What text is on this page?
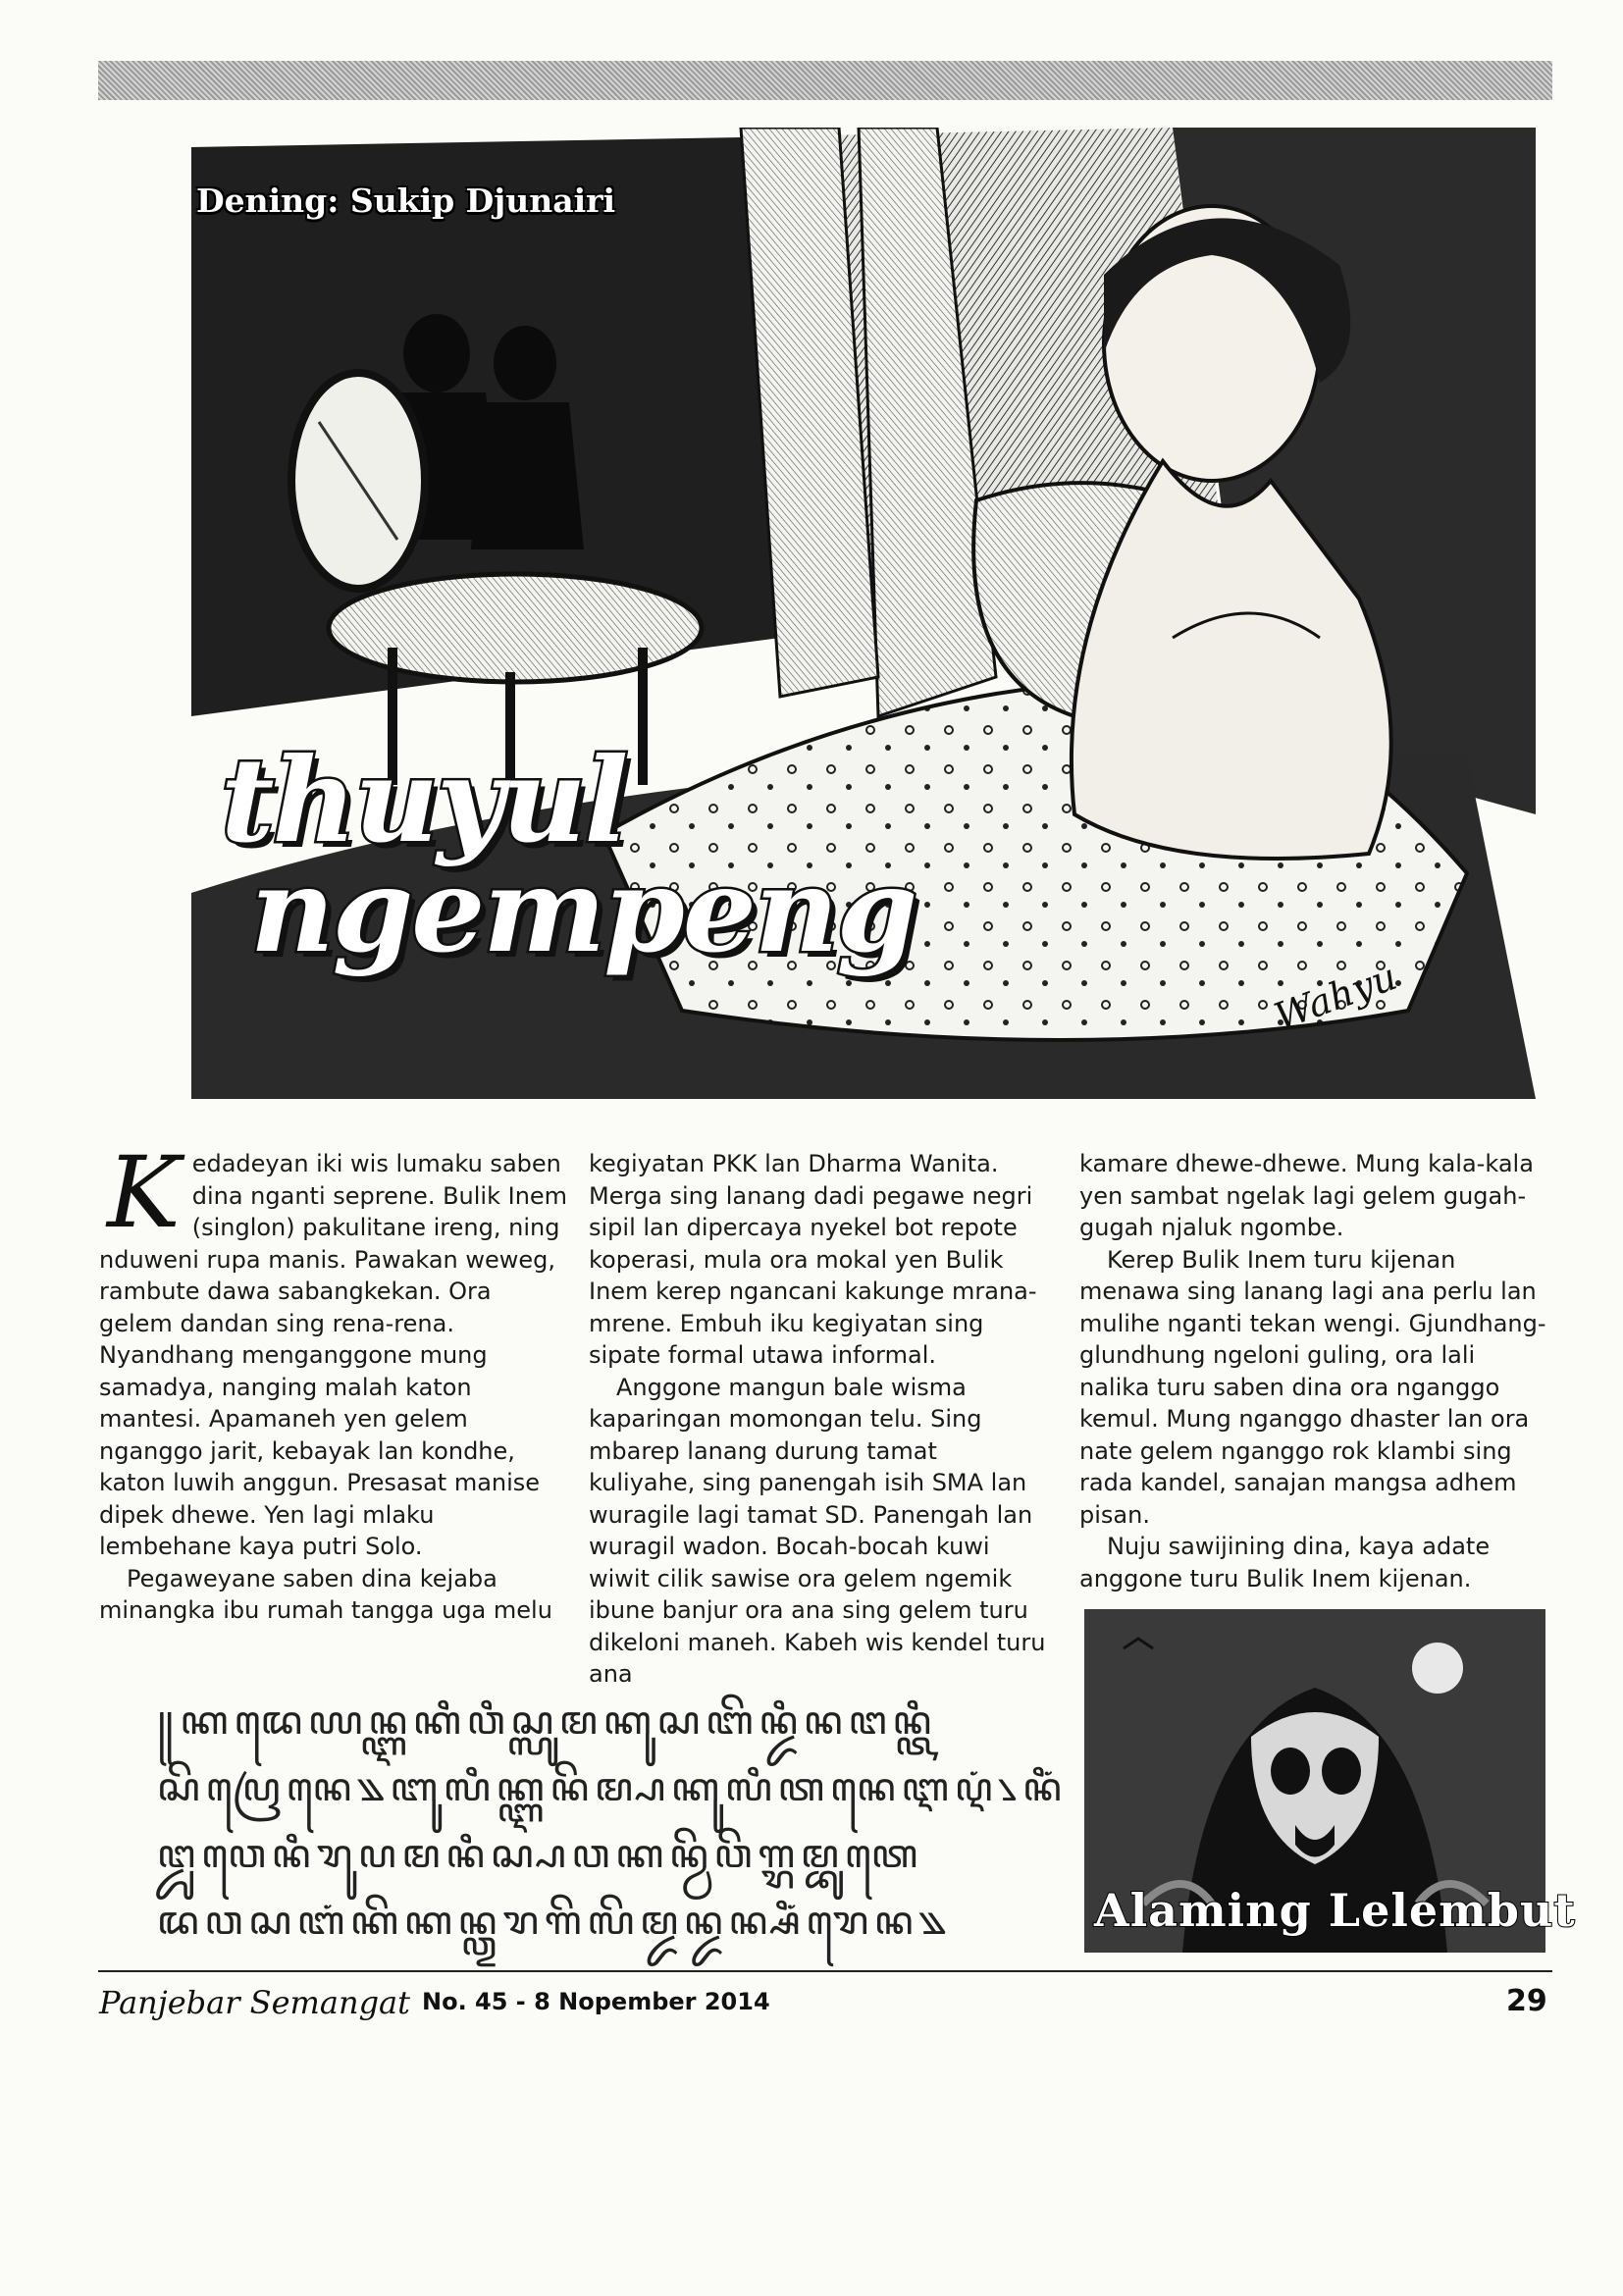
Wahyu
Dening: Sukip Djunairi
thuyul
ngempeng

Kedadeyan iki wis lumaku saben dina nganti seprene. Bulik Inem (singlon) pakulitane ireng, ning nduweni rupa manis. Pawakan weweg, rambute dawa sabangkekan. Ora gelem dandan sing rena-rena. Nyandhang menganggone mung samadya, nanging malah katon mantesi. Apamaneh yen gelem nganggo jarit, kebayak lan kondhe, katon luwih anggun. Presasat manise dipek dhewe. Yen lagi mlaku lembehane kaya putri Solo.

Pegaweyane saben dina kejaba minangka ibu rumah tangga uga melu

kegiyatan PKK lan Dharma Wanita. Merga sing lanang dadi pegawe negri sipil lan dipercaya nyekel bot repote koperasi, mula ora mokal yen Bulik Inem kerep ngancani kakunge mrana-mrene. Embuh iku kegiyatan sing sipate formal utawa informal.

Anggone mangun bale wisma kaparingan momongan telu. Sing mbarep lanang durung tamat kuliyahe, sing panengah isih SMA lan wuragile lagi tamat SD. Panengah lan wuragil wadon. Bocah-bocah kuwi wiwit cilik sawise ora gelem ngemik ibune banjur ora ana sing gelem turu dikeloni maneh. Kabeh wis kendel turu ana

kamare dhewe-dhewe. Mung kala-kala yen sambat ngelak lagi gelem gugah-gugah njaluk ngombe.

Kerep Bulik Inem turu kijenan menawa sing lanang lagi ana perlu lan mulihe nganti tekan wengi. Gjundhang-glundhung ngeloni guling, ora lali nalika turu saben dina ora nganggo kemul. Mung nganggo dhaster lan ora nate gelem nganggo rok klambi sing rada kandel, sanajan mangsa adhem pisan.

Nuju sawijining dina, kaya adate anggone turu Bulik Inem kijenan.

꧋ꦏꦢꦺꦪꦤ꧀ꦆꦏꦶꦮꦶꦱ꧀ꦭꦸꦩꦏꦸꦱꦧꦼꦤ꧀ꦢꦶꦤꦔꦤ꧀ꦠꦶ
ꦱꦼꦥꦿꦺꦤꦺ꧉ꦧꦸꦭꦶꦏ꧀ꦆꦤꦼꦩ꧀ꦥꦏꦸꦭꦶꦠꦤꦺꦆꦉꦁ꧈ꦤꦶꦁ
ꦔ꧀ꦢꦸꦮꦺꦤꦶꦫꦸꦥꦩꦤꦶꦱ꧀ꦥꦮꦏꦤ꧀ꦮꦼꦮꦼꦒ꧀ꦫꦩ꧀ꦧꦸꦠꦺ
ꦢꦮꦱꦧꦁꦏꦼꦏꦤ꧀ꦎꦫꦒꦼꦭꦼꦩ꧀ꦢꦤ꧀ꦢꦤ꧀ꦱꦶꦁꦫꦺꦤ꧉	Alaming Lelembut
Panjebar Semangat No. 45 - 8 Nopember 2014	29
